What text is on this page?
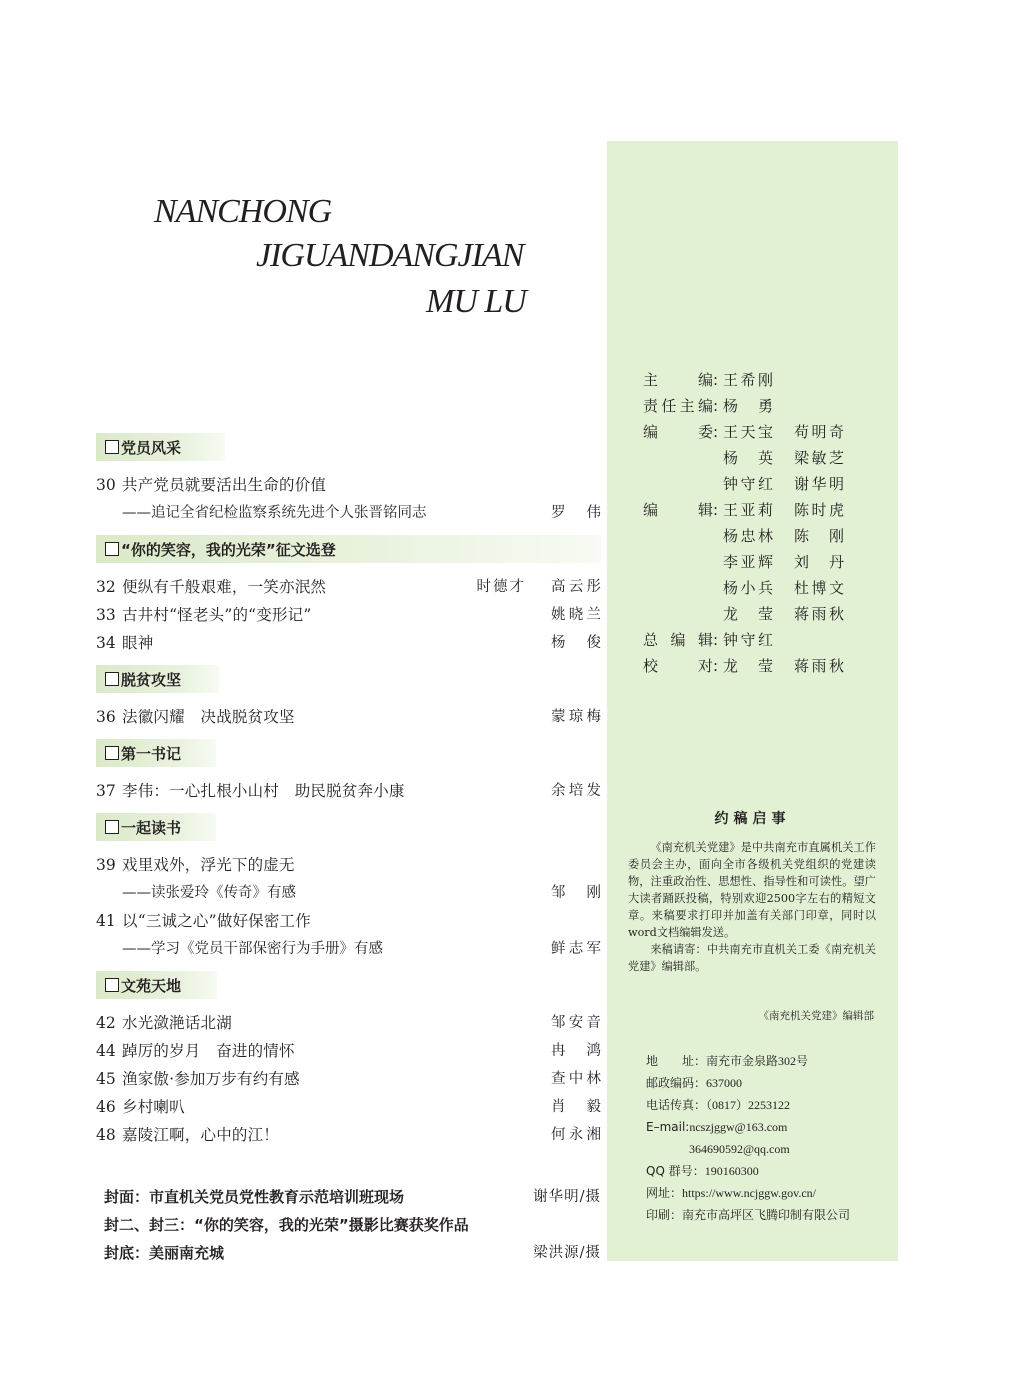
NANCHONG
JIGUANDANGJIAN
MU LU
党员风采
30 共产党员就要活出生命的价值
——追记全省纪检监察系统先进个人张晋铭同志	罗伟
“你的笑容，我的光荣”征文选登
32 便纵有千般艰难，一笑亦泯然	时德才 高云彤
33 古井村“怪老头”的“变形记”	姚晓兰
34 眼神	杨俊
脱贫攻坚
36 法徽闪耀　决战脱贫攻坚	蒙琼梅
第一书记
37 李伟：一心扎根小山村　助民脱贫奔小康	余培发
一起读书
39 戏里戏外，浮光下的虚无
——读张爱玲《传奇》有感	邹刚
41 以“三诚之心”做好保密工作
——学习《党员干部保密行为手册》有感	鲜志军
文苑天地
42 水光潋滟话北湖	邹安音
44 踔厉的岁月　奋进的情怀	冉鸿
45 渔家傲·参加万步有约有感	查中林
46 乡村喇叭	肖毅
48 嘉陵江啊，心中的江！	何永湘
封面：市直机关党员党性教育示范培训班现场	谢华明/摄
封二、封三：“你的笑容，我的光荣”摄影比赛获奖作品
封底：美丽南充城	梁洪源/摄
主编 : 王希刚
责任主编 : 杨勇
编委 : 王天宝 苟明奇
杨英 梁敏芝
钟守红 谢华明
编辑 : 王亚莉 陈时虎
杨忠林 陈刚
李亚辉 刘丹
杨小兵 杜博文
龙莹 蒋雨秋
总编辑 : 钟守红
校对 : 龙莹 蒋雨秋
约稿启事

《南充机关党建》是中共南充市直属机关工作委员会主办，面向全市各级机关党组织的党建读物，注重政治性、思想性、指导性和可读性。望广大读者踊跃投稿，特别欢迎2500字左右的精短文章。来稿要求打印并加盖有关部门印章，同时以word文档编辑发送。

来稿请寄：中共南充市直机关工委《南充机关党建》编辑部。

《南充机关党建》编辑部
地　　址：南充市金泉路302号
邮政编码：637000
电话传真：（0817）2253122
E–mail:ncszjggw@163.com
364690592@qq.com
QQ 群号：190160300
网址：https://www.ncjggw.gov.cn/
印刷：南充市高坪区飞腾印制有限公司
